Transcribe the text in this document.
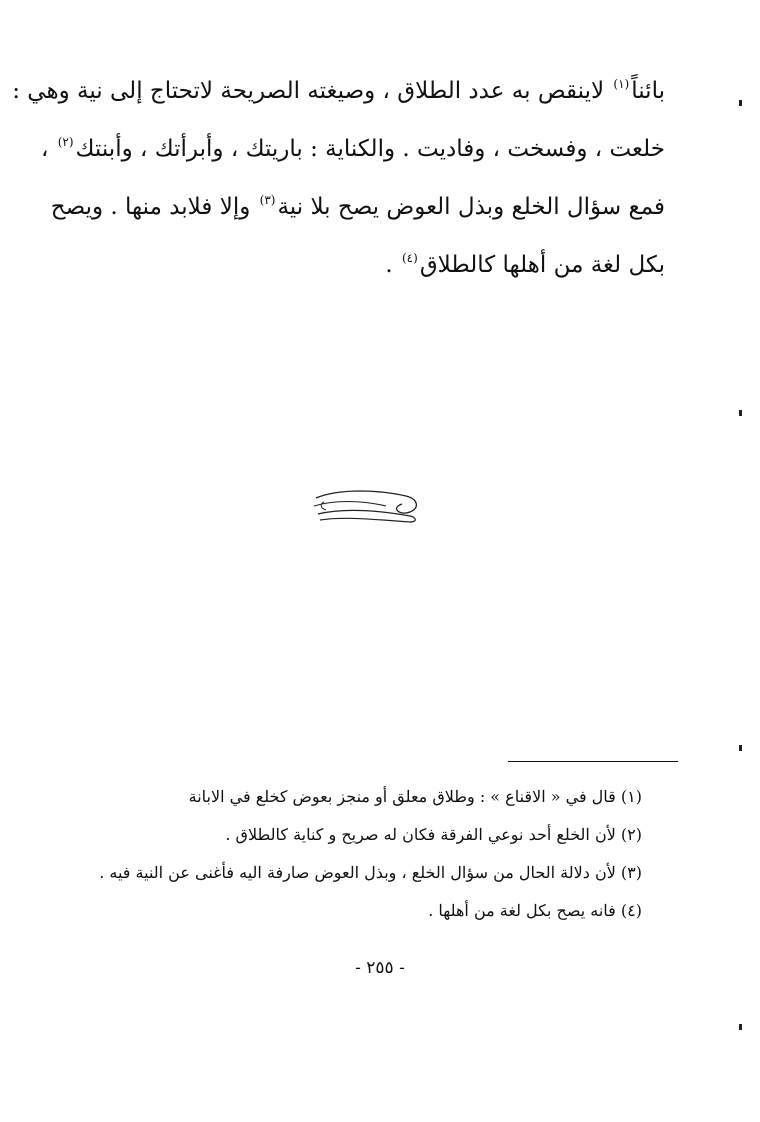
بائناً$^{(١)}$ لاينقص به عدد الطلاق ، وصيغته الصريحة لاتحتاج إلى نية وهي :
خلعت ، وفسخت ، وفاديت . والكناية : باريتك ، وأبرأتك ، وأبنتك$^{(٢)}$ ،
فمع سؤال الخلع وبذل العوض يصح بلا نية$^{(٣)}$ وإلا فلابد منها . ويصح
بكل لغة من أهلها كالطلاق$^{(٤)}$ .
(١) قال في « الاقناع » : وطلاق معلق أو منجز بعوض كخلع في الابانة
(٢) لأن الخلع أحد نوعي الفرقة فكان له صريح و كناية كالطلاق .
(٣) لأن دلالة الحال من سؤال الخلع ، وبذل العوض صارفة اليه فأغنى عن النية فيه .
(٤) فانه يصح بكل لغة من أهلها .
- ٢٥٥ -
